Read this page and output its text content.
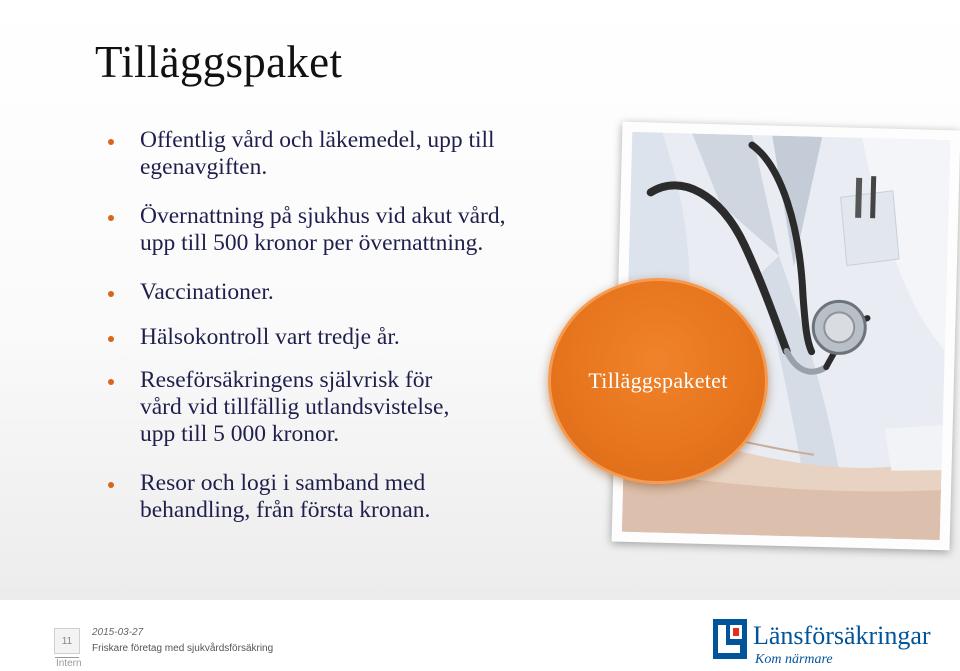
Tilläggspaket
Offentlig vård och läkemedel, upp till
egenavgiften.
Övernattning på sjukhus vid akut vård,
upp till 500 kronor per övernattning.
Vaccinationer.
Hälsokontroll vart tredje år.
Reseförsäkringens självrisk för
vård vid tillfällig utlandsvistelse,
upp till 5 000 kronor.
Resor och logi i samband med
behandling, från första kronan.
Tilläggspaketet
11
Intern
2015-03-27
Friskare företag med sjukvårdsförsäkring	Länsförsäkringar
Kom närmare
